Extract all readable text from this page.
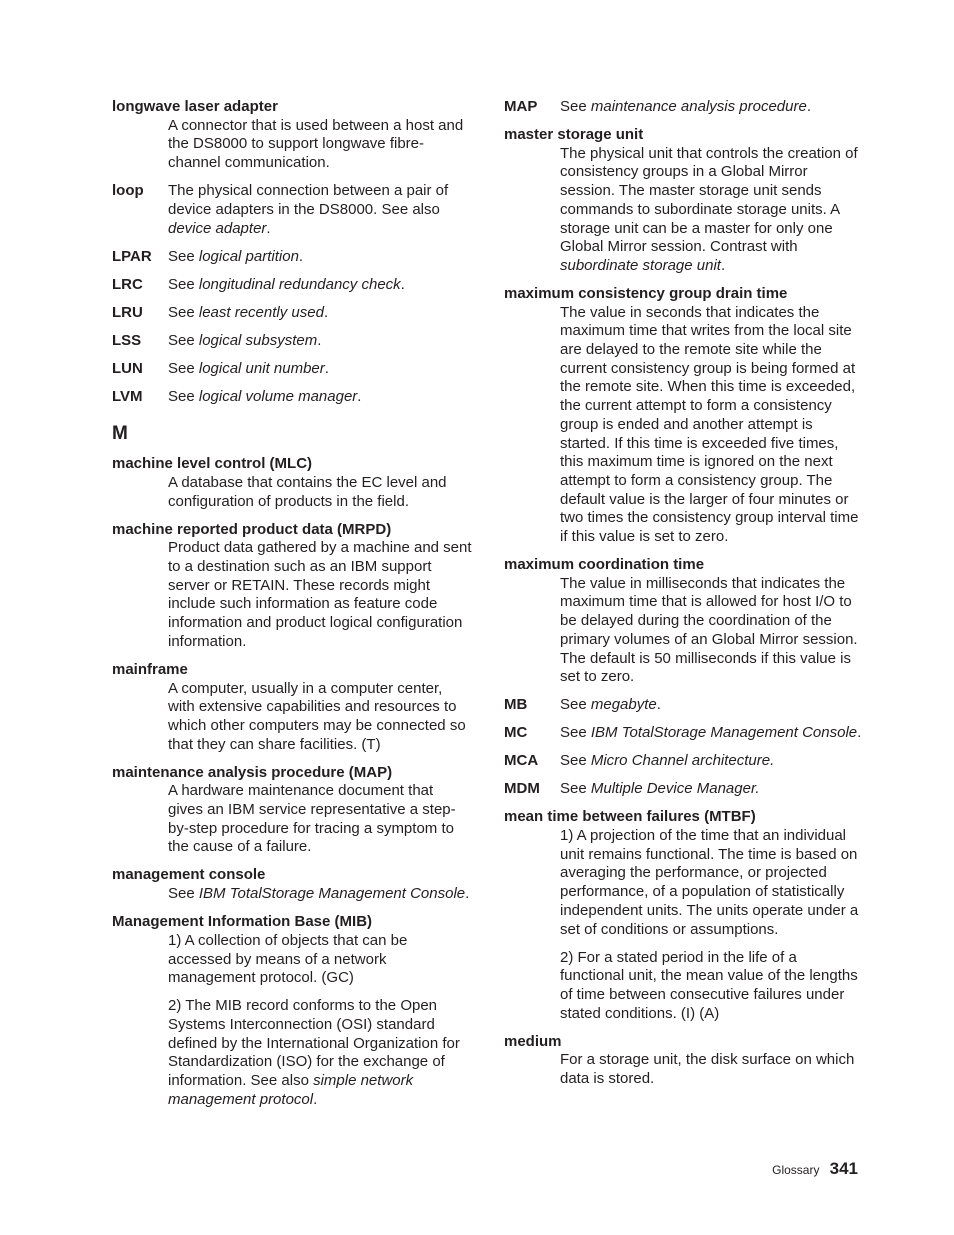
longwave laser adapter
A connector that is used between a host and the DS8000 to support longwave fibre-channel communication.
loop	The physical connection between a pair of device adapters in the DS8000. See also device adapter.
LPAR	See logical partition.
LRC	See longitudinal redundancy check.
LRU	See least recently used.
LSS	See logical subsystem.
LUN	See logical unit number.
LVM	See logical volume manager.
M
machine level control (MLC)
A database that contains the EC level and configuration of products in the field.
machine reported product data (MRPD)
Product data gathered by a machine and sent to a destination such as an IBM support server or RETAIN. These records might include such information as feature code information and product logical configuration information.
mainframe
A computer, usually in a computer center, with extensive capabilities and resources to which other computers may be connected so that they can share facilities. (T)
maintenance analysis procedure (MAP)
A hardware maintenance document that gives an IBM service representative a step-by-step procedure for tracing a symptom to the cause of a failure.
management console
See IBM TotalStorage Management Console.
Management Information Base (MIB)
1) A collection of objects that can be accessed by means of a network management protocol. (GC)
2) The MIB record conforms to the Open Systems Interconnection (OSI) standard defined by the International Organization for Standardization (ISO) for the exchange of information. See also simple network management protocol.
MAP	See maintenance analysis procedure.
master storage unit
The physical unit that controls the creation of consistency groups in a Global Mirror session. The master storage unit sends commands to subordinate storage units. A storage unit can be a master for only one Global Mirror session. Contrast with subordinate storage unit.
maximum consistency group drain time
The value in seconds that indicates the maximum time that writes from the local site are delayed to the remote site while the current consistency group is being formed at the remote site. When this time is exceeded, the current attempt to form a consistency group is ended and another attempt is started. If this time is exceeded five times, this maximum time is ignored on the next attempt to form a consistency group. The default value is the larger of four minutes or two times the consistency group interval time if this value is set to zero.
maximum coordination time
The value in milliseconds that indicates the maximum time that is allowed for host I/O to be delayed during the coordination of the primary volumes of an Global Mirror session. The default is 50 milliseconds if this value is set to zero.
MB	See megabyte.
MC	See IBM TotalStorage Management Console.
MCA	See Micro Channel architecture.
MDM	See Multiple Device Manager.
mean time between failures (MTBF)
1) A projection of the time that an individual unit remains functional. The time is based on averaging the performance, or projected performance, of a population of statistically independent units. The units operate under a set of conditions or assumptions.
2) For a stated period in the life of a functional unit, the mean value of the lengths of time between consecutive failures under stated conditions. (I) (A)
medium
For a storage unit, the disk surface on which data is stored.
Glossary 341
